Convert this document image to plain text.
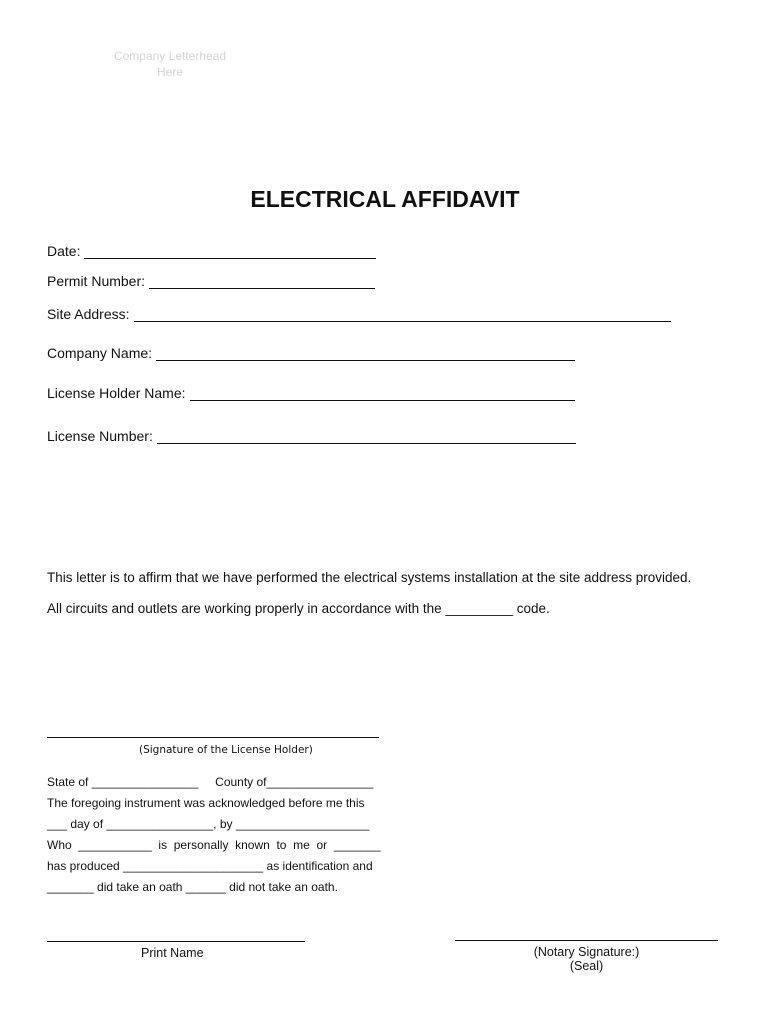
Company Letterhead
Here
ELECTRICAL AFFIDAVIT
Date:
Permit Number:
Site Address:
Company Name:
License Holder Name:
License Number:
This letter is to affirm that we have performed the electrical systems installation at the site address provided.
All circuits and outlets are working properly in accordance with the _________ code.
(Signature of the License Holder)
State of ________________     County of________________
The foregoing instrument was acknowledged before me this
___ day of ________________, by ____________________
Who  ___________  is  personally  known  to  me  or  _______
has produced _____________________ as identification and
_______ did take an oath ______ did not take an oath.
Print Name	(Notary Signature:)
(Seal)
